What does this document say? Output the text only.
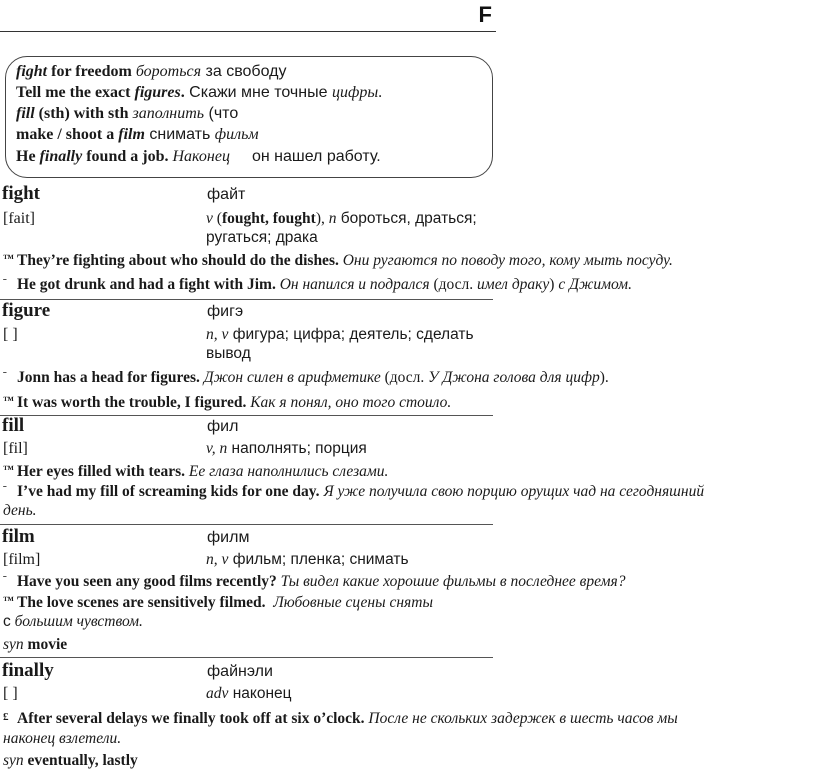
F
fight for freedom бороться за свободу
Tell me the exact figures. Скажи мне точные цифры.
fill (sth) with sth заполнить (что
make / shoot a film снимать фильм
He finally found a job. Наконец он нашел работу.
fight	файт
[fait]	v (fought, fought), n бороться, драться;
ругаться; драка
™ They’re fighting about who should do the dishes. Они ругаются по поводу того, кому мыть посуду.
ˉ He got drunk and had a fight with Jim. Он напился и подрался (досл. имел драку) с Джимом.
figure	фигэ
[ ]	n, v фигура; цифра; деятель; сделать
вывод
ˉ Jonn has a head for figures. Джон силен в арифметике (досл. У Джона голова для цифр).
™ It was worth the trouble, I figured. Как я понял, оно того стоило.
fill	фил
[fil]	v, n наполнять; порция
™ Her eyes filled with tears. Ее глаза наполнились слезами.
ˉ I’ve had my fill of screaming kids for one day. Я уже получила свою порцию орущих чад на сегодняшний
день.
film	филм
[film]	n, v фильм; пленка; снимать
ˉ Have you seen any good films recently? Ты видел какие хорошие фильмы в последнее время?
™ The love scenes are sensitively filmed. Любовные сцены сняты
с большим чувством.
syn movie
finally	файнэли
[ ]	adv наконец
£ After several delays we finally took off at six o’clock. После не скольких задержек в шесть часов мы
наконец взлетели.
syn eventually, lastly
